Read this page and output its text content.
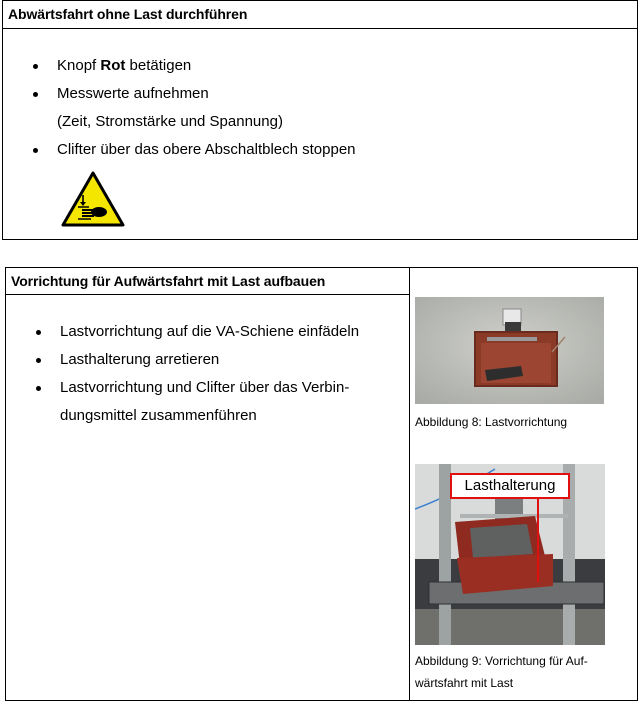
Abwärtsfahrt ohne Last durchführen
Knopf Rot betätigen
Messwerte aufnehmen
(Zeit, Stromstärke und Spannung)
Clifter über das obere Abschaltblech stoppen
Vorrichtung für Aufwärtsfahrt mit Last aufbauen
Lastvorrichtung auf die VA-Schiene einfädeln
Lasthalterung arretieren
Lastvorrichtung und Clifter über das Verbin-
dungsmittel zusammenführen	Abbildung 8: Lastvorrichtung
Lasthalterung
Abbildung 9: Vorrichtung für Auf-
wärtsfahrt mit Last
